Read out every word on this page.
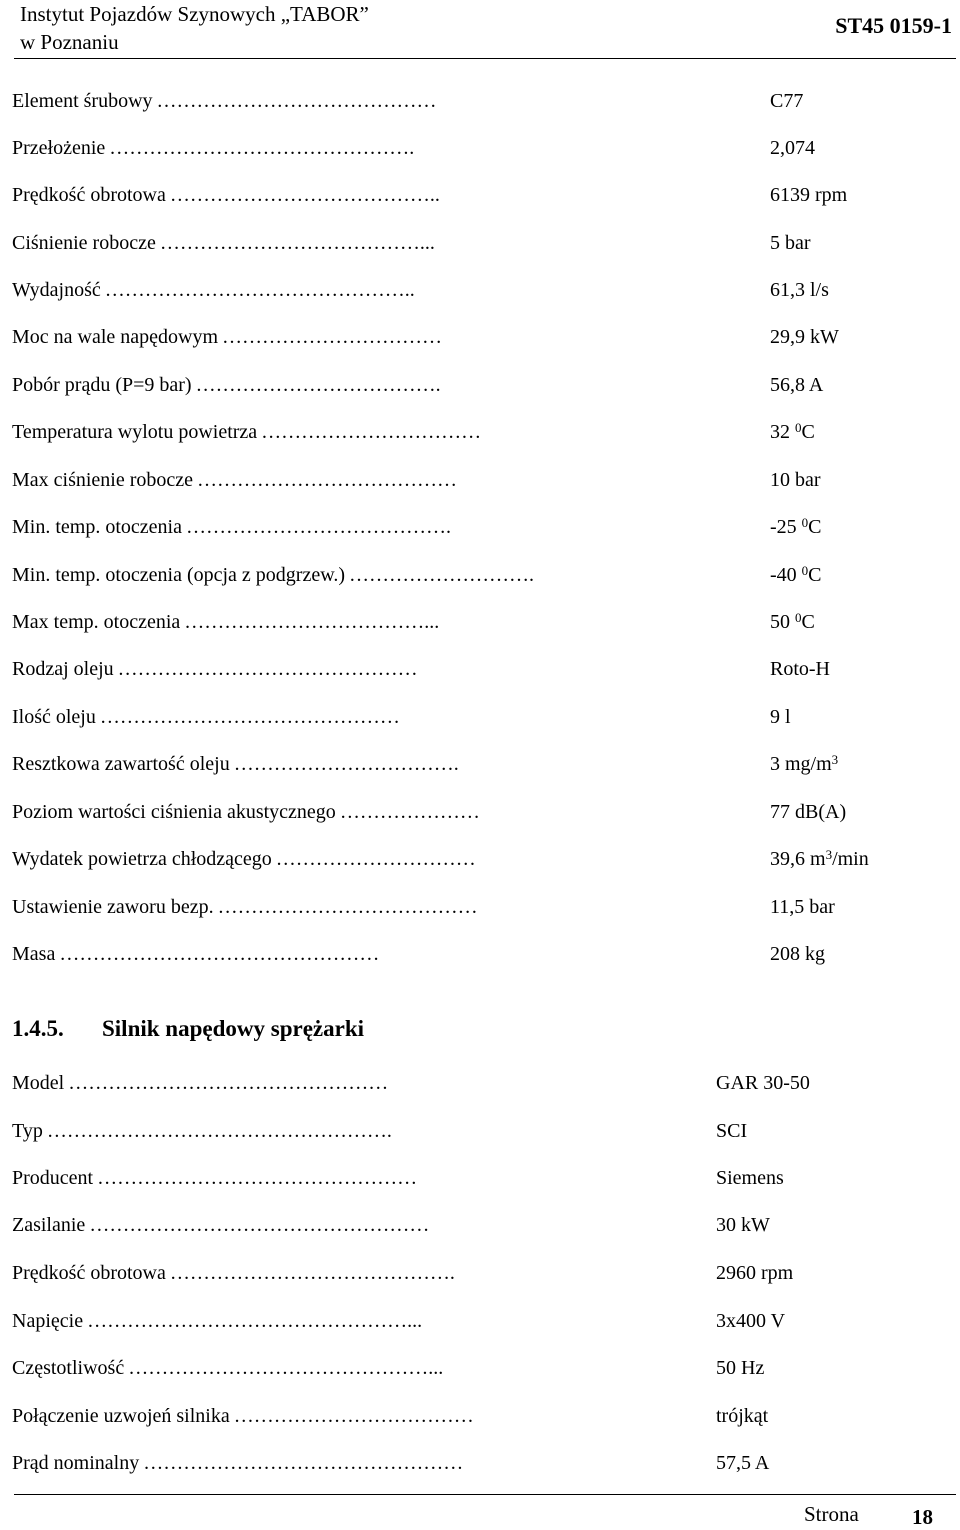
Instytut Pojazdów Szynowych „TABOR”
w Poznaniu
ST45 0159-1
Element śrubowy ……………………………………	C77
Przełożenie ……………………………………….	2,074
Prędkość obrotowa …………………………………..	6139 rpm
Ciśnienie robocze …………………………………...	5 bar
Wydajność ………………………………………..	61,3 l/s
Moc na wale napędowym ……………………………	29,9 kW
Pobór prądu (P=9 bar) ……………………………….	56,8 A
Temperatura wylotu powietrza ……………………………	32 $^0$C
Max ciśnienie robocze …………………………………	10 bar
Min. temp. otoczenia ………………………………….	-25 $^0$C
Min. temp. otoczenia (opcja z podgrzew.) ……………………….	-40 $^0$C
Max temp. otoczenia ………………………………...	50 $^0$C
Rodzaj oleju ………………………………………	Roto-H
Ilość oleju ………………………………………	9 l
Resztkowa zawartość oleju …………………………….	3 $mg/m^3$
Poziom wartości ciśnienia akustycznego …………………	77 dB(A)
Wydatek powietrza chłodzącego …………………………	39,6 $m^3/\min$
Ustawienie zaworu bezp. …………………………………	11,5 bar
Masa …………………………………………	208 kg
1.4.5. Silnik napędowy sprężarki
Model …………………………………………	GAR 30-50
Typ …………………………………………….	SCI
Producent …………………………………………	Siemens
Zasilanie ……………………………………………	30 kW
Prędkość obrotowa …………………………………….	2960 rpm
Napięcie …………………………………………...	3x400 V
Częstotliwość ………………………………………...	50 Hz
Połączenie uzwojeń silnika ………………………………	trójkąt
Prąd nominalny …………………………………………	57,5 A
Strona	18
